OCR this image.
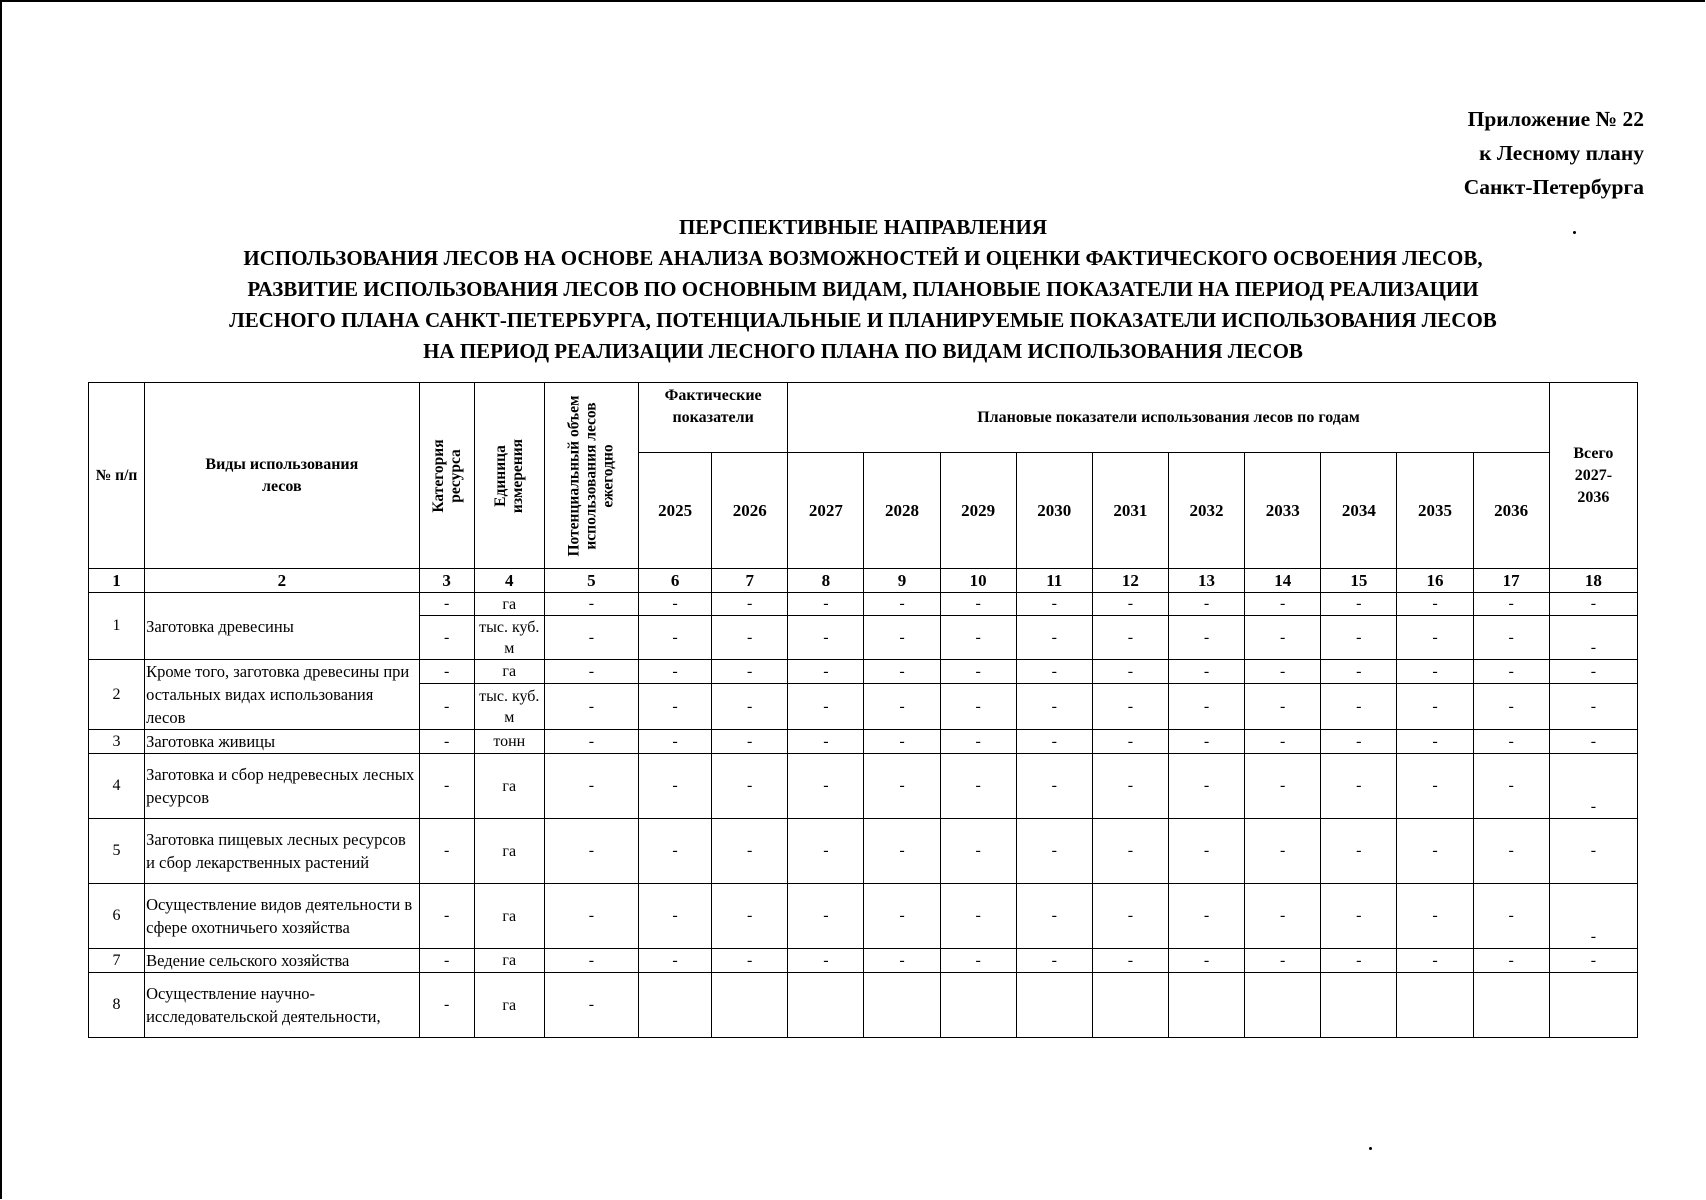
Приложение № 22
к Лесному плану
Санкт-Петербурга
ПЕРСПЕКТИВНЫЕ НАПРАВЛЕНИЯ
ИСПОЛЬЗОВАНИЯ ЛЕСОВ НА ОСНОВЕ АНАЛИЗА ВОЗМОЖНОСТЕЙ И ОЦЕНКИ ФАКТИЧЕСКОГО ОСВОЕНИЯ ЛЕСОВ,
РАЗВИТИЕ ИСПОЛЬЗОВАНИЯ ЛЕСОВ ПО ОСНОВНЫМ ВИДАМ, ПЛАНОВЫЕ ПОКАЗАТЕЛИ НА ПЕРИОД РЕАЛИЗАЦИИ
ЛЕСНОГО ПЛАНА САНКТ-ПЕТЕРБУРГА, ПОТЕНЦИАЛЬНЫЕ И ПЛАНИРУЕМЫЕ ПОКАЗАТЕЛИ ИСПОЛЬЗОВАНИЯ ЛЕСОВ
НА ПЕРИОД РЕАЛИЗАЦИИ ЛЕСНОГО ПЛАНА ПО ВИДАМ ИСПОЛЬЗОВАНИЯ ЛЕСОВ
№ п/п	Виды использования лесов	Категория ресурса	Единица измерения	Потенциальный объем использования лесов ежегодно	Фактические показатели		Плановые показатели использования лесов по годам										Всего 2027-2036
					2025	2026	2027	2028	2029	2030	2031	2032	2033	2034	2035	2036	
1	2	3	4	5	6	7	8	9	10	11	12	13	14	15	16	17	18
1	Заготовка древесины	-	га	-	-	-	-	-	-	-	-	-	-	-	-	-	-
		-	тыс. куб. м	-	-	-	-	-	-	-	-	-	-	-	-	-	-
2	Кроме того, заготовка древесины при остальных видах использования лесов	-	га	-	-	-	-	-	-	-	-	-	-	-	-	-	-
		-	тыс. куб. м	-	-	-	-	-	-	-	-	-	-	-	-	-	-
3	Заготовка живицы	-	тонн	-	-	-	-	-	-	-	-	-	-	-	-	-	-
4	Заготовка и сбор недревесных лесных ресурсов	-	га	-	-	-	-	-	-	-	-	-	-	-	-	-	-
5	Заготовка пищевых лесных ресурсов и сбор лекарственных растений	-	га	-	-	-	-	-	-	-	-	-	-	-	-	-	-
6	Осуществление видов деятельности в сфере охотничьего хозяйства	-	га	-	-	-	-	-	-	-	-	-	-	-	-	-	-
7	Ведение сельского хозяйства	-	га	-	-	-	-	-	-	-	-	-	-	-	-	-	-
8	Осуществление научно-исследовательской деятельности,	-	га	-													
